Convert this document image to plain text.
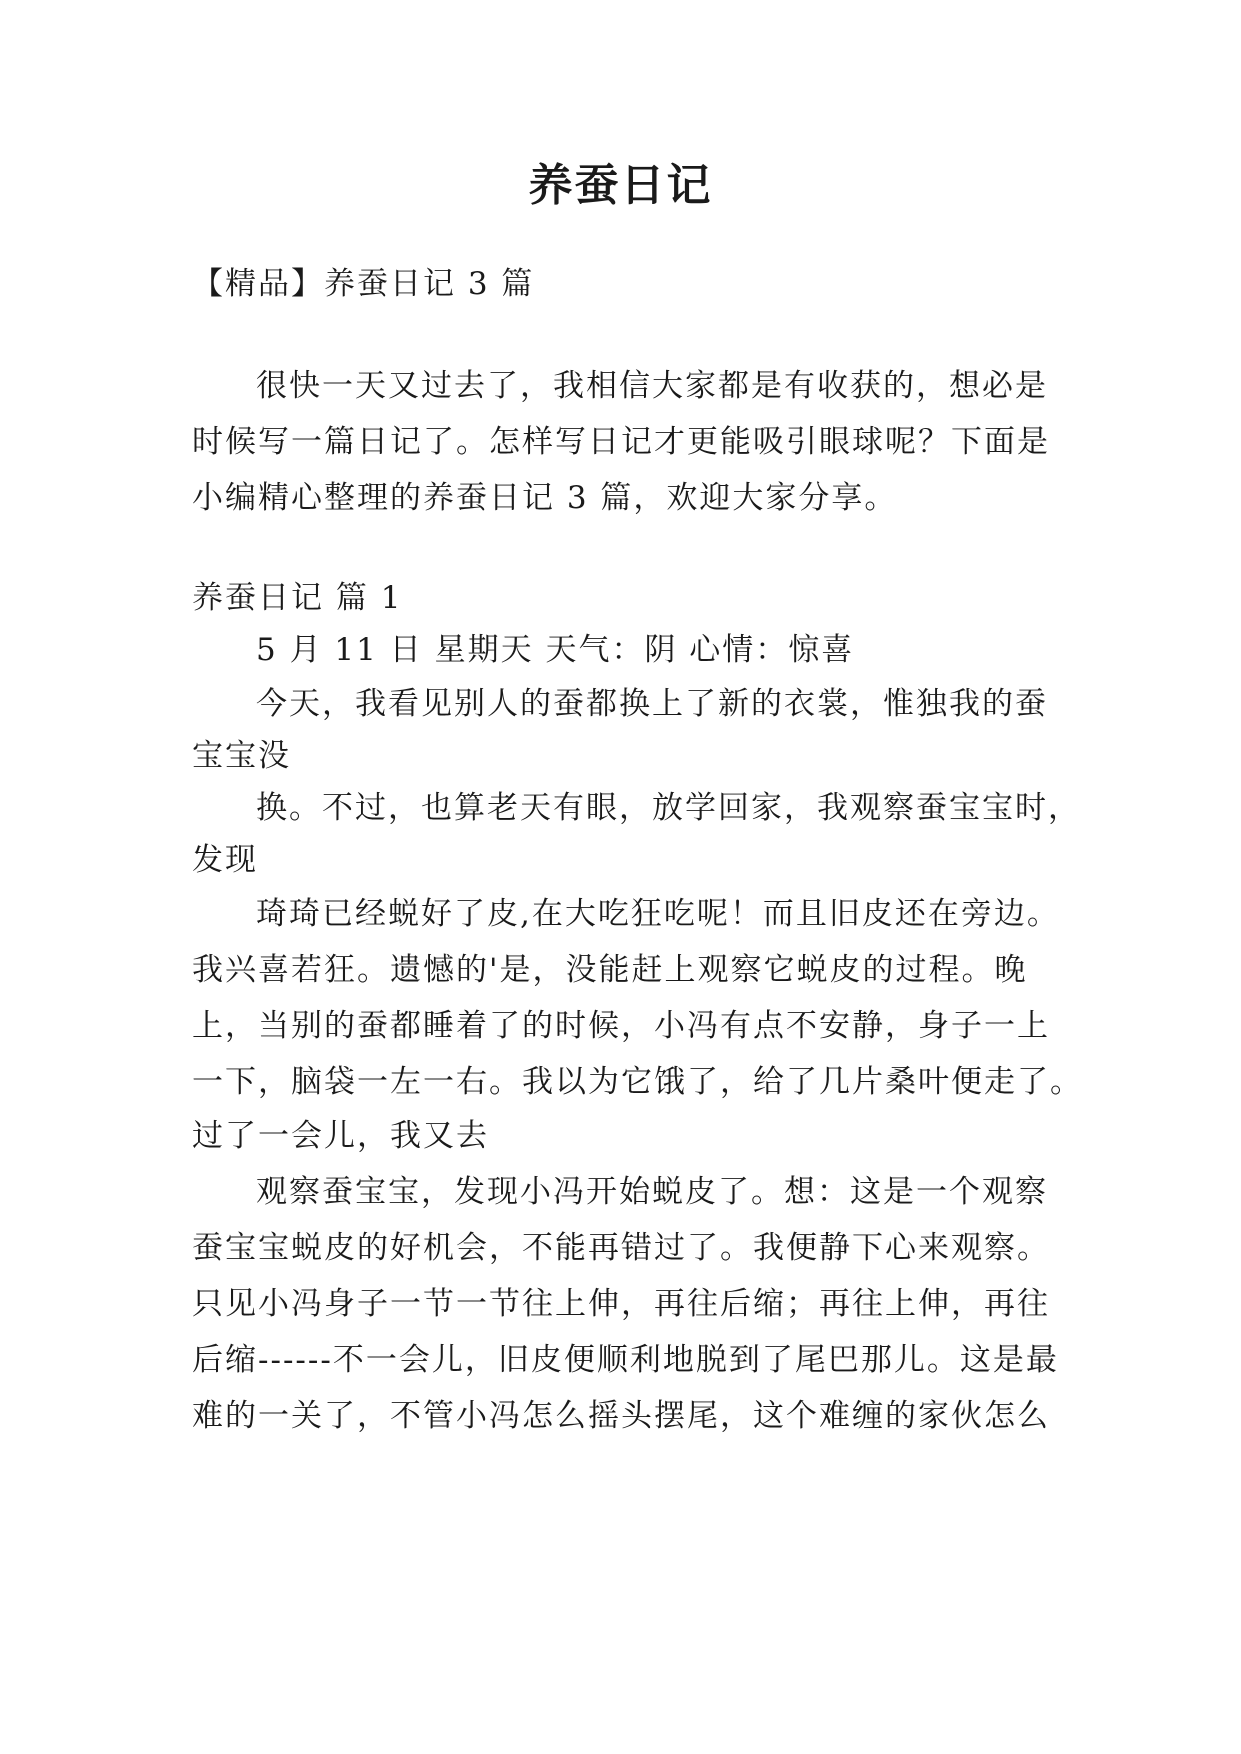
养蚕日记
【精品】养蚕日记 3 篇
很快一天又过去了，我相信大家都是有收获的，想必是
时候写一篇日记了。怎样写日记才更能吸引眼球呢？下面是
小编精心整理的养蚕日记 3 篇，欢迎大家分享。
养蚕日记 篇 1
5 月 11 日 星期天 天气：阴 心情：惊喜
今天，我看见别人的蚕都换上了新的衣裳，惟独我的蚕
宝宝没
换。不过，也算老天有眼，放学回家，我观察蚕宝宝时，
发现
琦琦已经蜕好了皮,在大吃狂吃呢！而且旧皮还在旁边。
我兴喜若狂。遗憾的'是，没能赶上观察它蜕皮的过程。晚
上，当别的蚕都睡着了的时候，小冯有点不安静，身子一上
一下，脑袋一左一右。我以为它饿了，给了几片桑叶便走了。
过了一会儿，我又去
观察蚕宝宝，发现小冯开始蜕皮了。想：这是一个观察
蚕宝宝蜕皮的好机会，不能再错过了。我便静下心来观察。
只见小冯身子一节一节往上伸，再往后缩；再往上伸，再往
后缩------不一会儿，旧皮便顺利地脱到了尾巴那儿。这是最
难的一关了，不管小冯怎么摇头摆尾，这个难缠的家伙怎么
